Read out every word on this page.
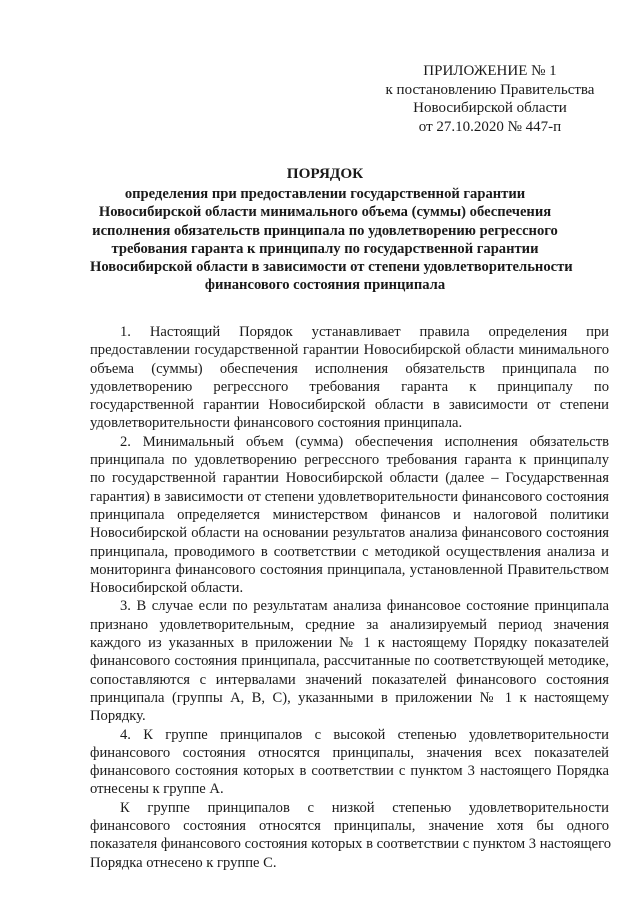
ПРИЛОЖЕНИЕ № 1
к постановлению Правительства
Новосибирской области
от 27.10.2020 № 447-п
ПОРЯДОК
определения при предоставлении государственной гарантии
Новосибирской области минимального объема (суммы) обеспечения
исполнения обязательств принципала по удовлетворению регрессного
требования гаранта к принципалу по государственной гарантии
Новосибирской области в зависимости от степени удовлетворительности
финансового состояния принципала
1. Настоящий Порядок устанавливает правила определения при
предоставлении государственной гарантии Новосибирской области минимального
объема (суммы) обеспечения исполнения обязательств принципала по
удовлетворению регрессного требования гаранта к принципалу по
государственной гарантии Новосибирской области в зависимости от степени
удовлетворительности финансового состояния принципала.
2. Минимальный объем (сумма) обеспечения исполнения обязательств
принципала по удовлетворению регрессного требования гаранта к принципалу
по государственной гарантии Новосибирской области (далее – Государственная
гарантия) в зависимости от степени удовлетворительности финансового состояния
принципала определяется министерством финансов и налоговой политики
Новосибирской области на основании результатов анализа финансового состояния
принципала, проводимого в соответствии с методикой осуществления анализа и
мониторинга финансового состояния принципала, установленной Правительством
Новосибирской области.
3. В случае если по результатам анализа финансовое состояние принципала
признано удовлетворительным, средние за анализируемый период значения
каждого из указанных в приложении № 1 к настоящему Порядку показателей
финансового состояния принципала, рассчитанные по соответствующей методике,
сопоставляются с интервалами значений показателей финансового состояния
принципала (группы A, B, C), указанными в приложении № 1 к настоящему
Порядку.
4. К группе принципалов с высокой степенью удовлетворительности
финансового состояния относятся принципалы, значения всех показателей
финансового состояния которых в соответствии с пунктом 3 настоящего Порядка
отнесены к группе А.
К группе принципалов с низкой степенью удовлетворительности
финансового состояния относятся принципалы, значение хотя бы одного
показателя финансового состояния которых в соответствии с пунктом 3 настоящего
Порядка отнесено к группе С.
